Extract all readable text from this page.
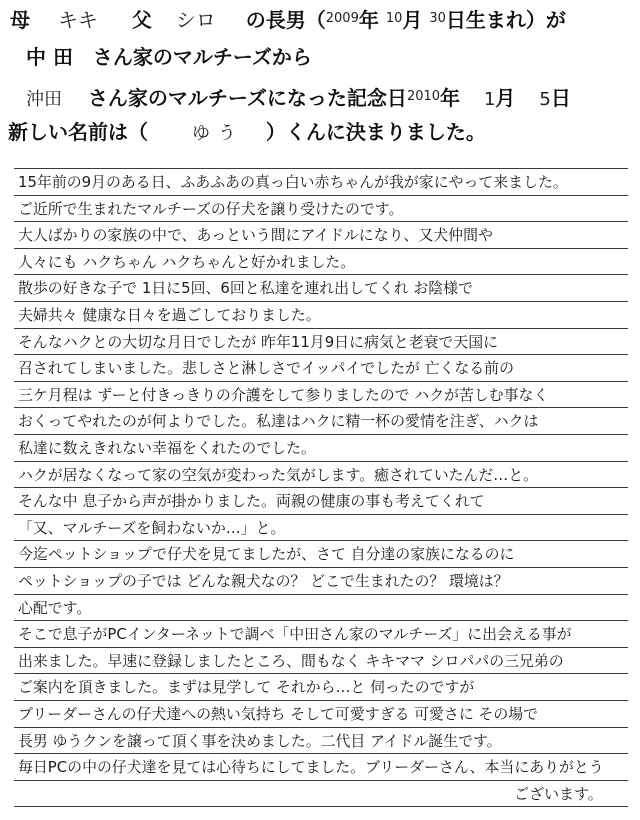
母 キキ 父 シロ の長男（$^{2009}$年 $^{10}$月 $^{30}$日生まれ）が
中 田 さん家のマルチーズから
沖田 さん家のマルチーズになった記念日$^{2010}$年 1月 5日
新しい名前は（ ゆう ）くんに決まりました。
15年前の9月のある日、ふあふあの真っ白い赤ちゃんが我が家にやって来ました。
ご近所で生まれたマルチーズの仔犬を譲り受けたのです。
大人ばかりの家族の中で、あっという間にアイドルになり、又犬仲間や
人々にも ハクちゃん ハクちゃんと好かれました。
散歩の好きな子で 1日に5回、6回と私達を連れ出してくれ お陰様で
夫婦共々 健康な日々を過ごしておりました。
そんなハクとの大切な月日でしたが 昨年11月9日に病気と老衰で天国に
召されてしまいました。悲しさと淋しさでイッパイでしたが 亡くなる前の
三ケ月程は ずーと付きっきりの介護をして参りましたので ハクが苦しむ事なく
おくってやれたのが何よりでした。私達はハクに精一杯の愛情を注ぎ、ハクは
私達に数えきれない幸福をくれたのでした。
ハクが居なくなって家の空気が変わった気がします。癒されていたんだ…と。
そんな中 息子から声が掛かりました。両親の健康の事も考えてくれて
「又、マルチーズを飼わないか…」と。
今迄ペットショップで仔犬を見てましたが、さて 自分達の家族になるのに
ペットショップの子では どんな親犬なの？ どこで生まれたの？ 環境は？
心配です。
そこで息子がPCインターネットで調べ「中田さん家のマルチーズ」に出会える事が
出来ました。早速に登録しましたところ、間もなく キキママ シロパパの三兄弟の
ご案内を頂きました。まずは見学して それから…と 伺ったのですが
ブリーダーさんの仔犬達への熱い気持ち そして可愛すぎる 可愛さに その場で
長男 ゆうクンを譲って頂く事を決めました。二代目 アイドル誕生です。
毎日PCの中の仔犬達を見ては心待ちにしてました。ブリーダーさん、本当にありがとう
ございます。
